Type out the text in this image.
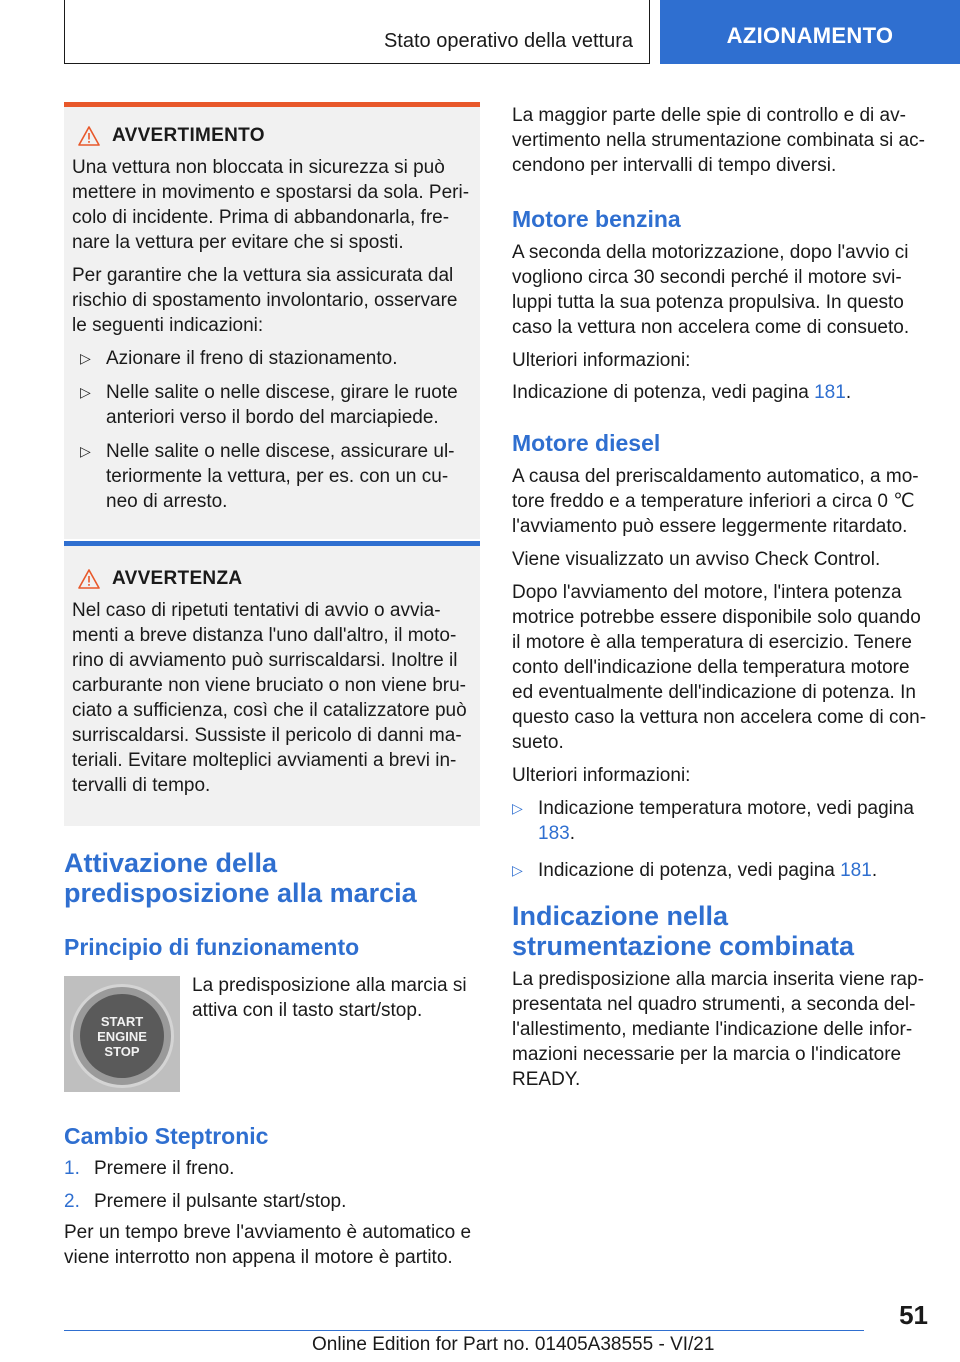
Stato operativo della vettura	AZIONAMENTO
AVVERTIMENTO

Una vettura non bloccata in sicurezza si può mettere in movimento e spostarsi da sola. Pericolo di incidente. Prima di abbandonarla, frenare la vettura per evitare che si sposti.

Per garantire che la vettura sia assicurata dal rischio di spostamento involontario, osservare le seguenti indicazioni:

▷ Azionare il freno di stazionamento.
▷ Nelle salite o nelle discese, girare le ruote anteriori verso il bordo del marciapiede.
▷ Nelle salite o nelle discese, assicurare ulteriormente la vettura, per es. con un cuneo di arresto.
AVVERTENZA

Nel caso di ripetuti tentativi di avvio o avviamenti a breve distanza l'uno dall'altro, il motorino di avviamento può surriscaldarsi. Inoltre il carburante non viene bruciato o non viene bruciato a sufficienza, così che il catalizzatore può surriscaldarsi. Sussiste il pericolo di danni materiali. Evitare molteplici avviamenti a brevi intervalli di tempo.

Attivazione della predisposizione alla marcia
Principio di funzionamento
START
ENGINE
STOP

La predisposizione alla marcia si attiva con il tasto start/stop.

Cambio Steptronic
1. Premere il freno.
2. Premere il pulsante start/stop.

Per un tempo breve l'avviamento è automatico e viene interrotto non appena il motore è partito.

La maggior parte delle spie di controllo e di avvertimento nella strumentazione combinata si accendono per intervalli di tempo diversi.

Motore benzina

A seconda della motorizzazione, dopo l'avvio ci vogliono circa 30 secondi perché il motore sviluppi tutta la sua potenza propulsiva. In questo caso la vettura non accelera come di consueto.

Ulteriori informazioni:

Indicazione di potenza, vedi pagina 181.

Motore diesel

A causa del preriscaldamento automatico, a motore freddo e a temperature inferiori a circa 0 ℃ l'avviamento può essere leggermente ritardato.

Viene visualizzato un avviso Check Control.

Dopo l'avviamento del motore, l'intera potenza motrice potrebbe essere disponibile solo quando il motore è alla temperatura di esercizio. Tenere conto dell'indicazione della temperatura motore ed eventualmente dell'indicazione di potenza. In questo caso la vettura non accelera come di consueto.

Ulteriori informazioni:

▷ Indicazione temperatura motore, vedi pagina 183.
▷ Indicazione di potenza, vedi pagina 181.
Indicazione nella strumentazione combinata

La predisposizione alla marcia inserita viene rappresentata nel quadro strumenti, a seconda dell'allestimento, mediante l'indicazione delle informazioni necessarie per la marcia o l'indicatore READY.

51
Online Edition for Part no. 01405A38555 - VI/21
